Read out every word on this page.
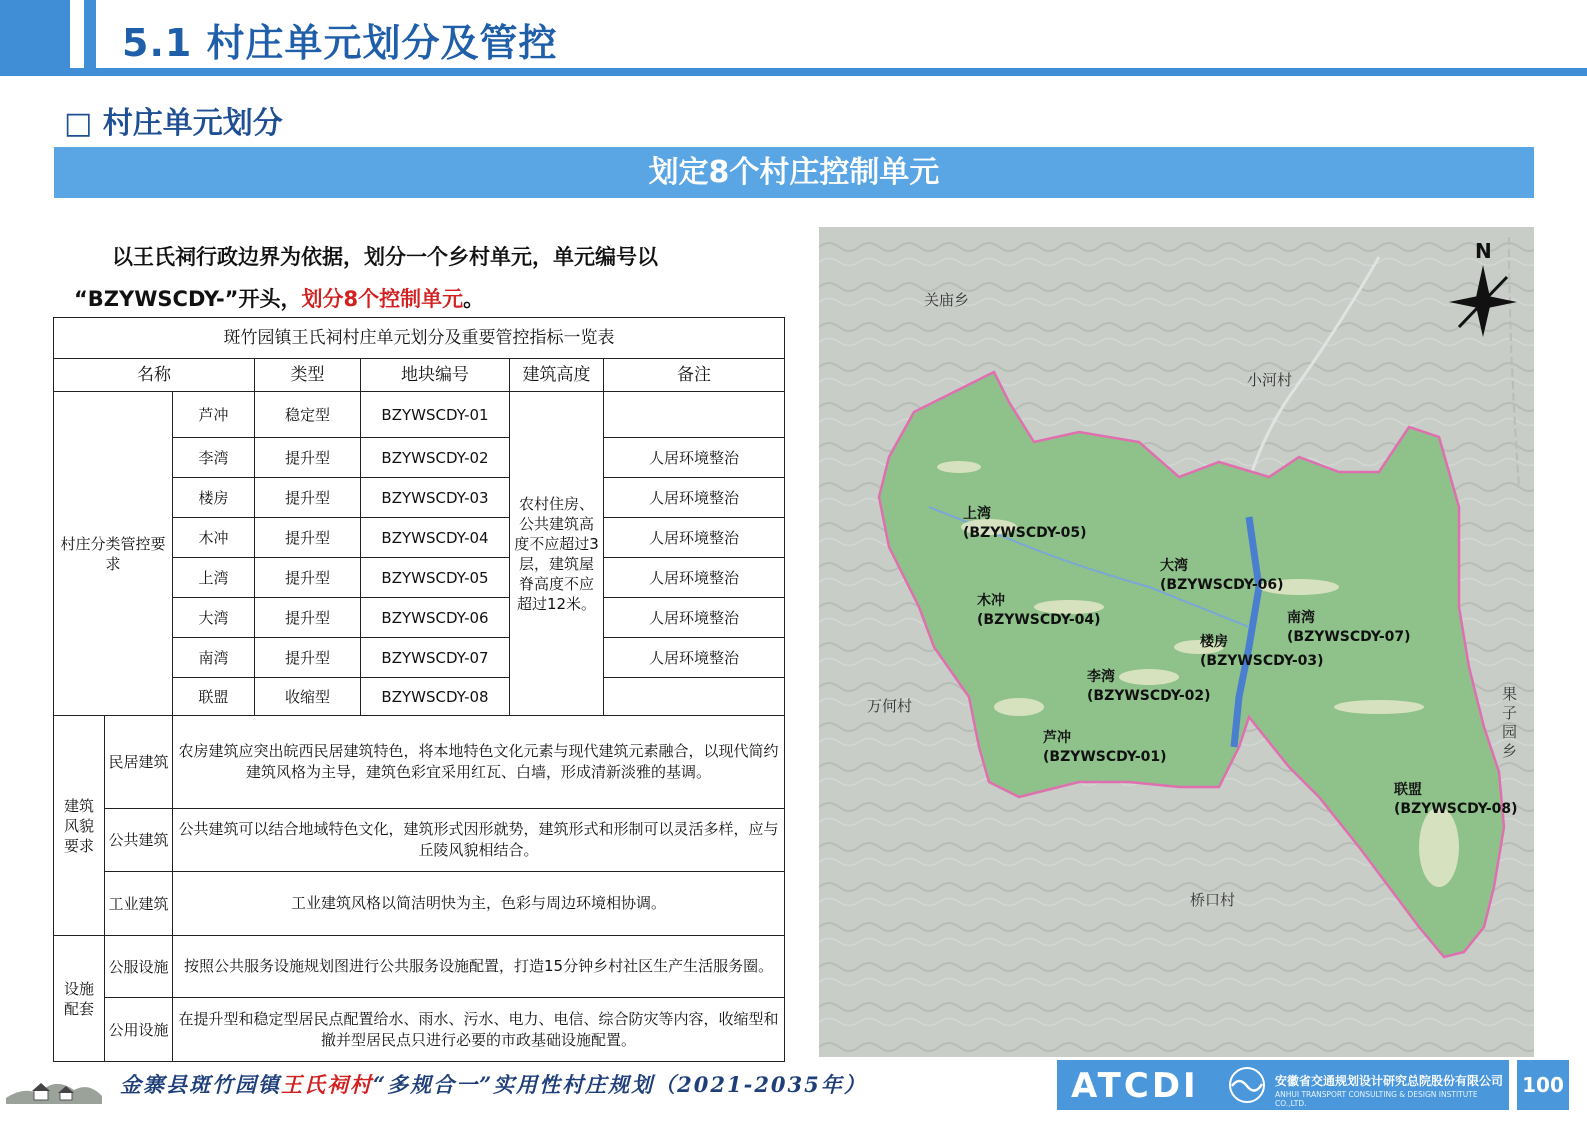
5.1 村庄单元划分及管控
□ 村庄单元划分
划定8个村庄控制单元
以王氏祠行政边界为依据，划分一个乡村单元，单元编号以
“BZYWSCDY-”开头，划分8个控制单元。
斑竹园镇王氏祠村庄单元划分及重要管控指标一览表						
名称			类型	地块编号	建筑高度	备注
村庄分类管控要求		芦冲	稳定型	BZYWSCDY-01	农村住房、公共建筑高度不应超过3层，建筑屋脊高度不应超过12米。	
		李湾	提升型	BZYWSCDY-02		人居环境整治
		楼房	提升型	BZYWSCDY-03		人居环境整治
		木冲	提升型	BZYWSCDY-04		人居环境整治
		上湾	提升型	BZYWSCDY-05		人居环境整治
		大湾	提升型	BZYWSCDY-06		人居环境整治
		南湾	提升型	BZYWSCDY-07		人居环境整治
		联盟	收缩型	BZYWSCDY-08		
建筑风貌要求	民居建筑	农房建筑应突出皖西民居建筑特色，将本地特色文化元素与现代建筑元素融合，以现代简约建筑风格为主导，建筑色彩宜采用红瓦、白墙，形成清新淡雅的基调。				
	公共建筑	公共建筑可以结合地域特色文化，建筑形式因形就势，建筑形式和形制可以灵活多样，应与丘陵风貌相结合。				
	工业建筑	工业建筑风格以简洁明快为主，色彩与周边环境相协调。				
设施配套	公服设施	按照公共服务设施规划图进行公共服务设施配置，打造15分钟乡村社区生产生活服务圈。				
	公用设施	在提升型和稳定型居民点配置给水、雨水、污水、电力、电信、综合防灾等内容，收缩型和撤并型居民点只进行必要的市政基础设施配置。				
N
关庙乡
小河村
万何村
果子园乡
桥口村
上湾
(BZYWSCDY-05)
大湾
(BZYWSCDY-06)
木冲
(BZYWSCDY-04)	南湾
(BZYWSCDY-07)
楼房
(BZYWSCDY-03)
李湾
(BZYWSCDY-02)
芦冲
(BZYWSCDY-01)
联盟
(BZYWSCDY-08)
金寨县斑竹园镇王氏祠村“多规合一”实用性村庄规划（2021-2035年）	ATCDI	安徽省交通规划设计研究总院股份有限公司
ANHUI TRANSPORT CONSULTING & DESIGN INSTITUTE CO.,LTD.
100
